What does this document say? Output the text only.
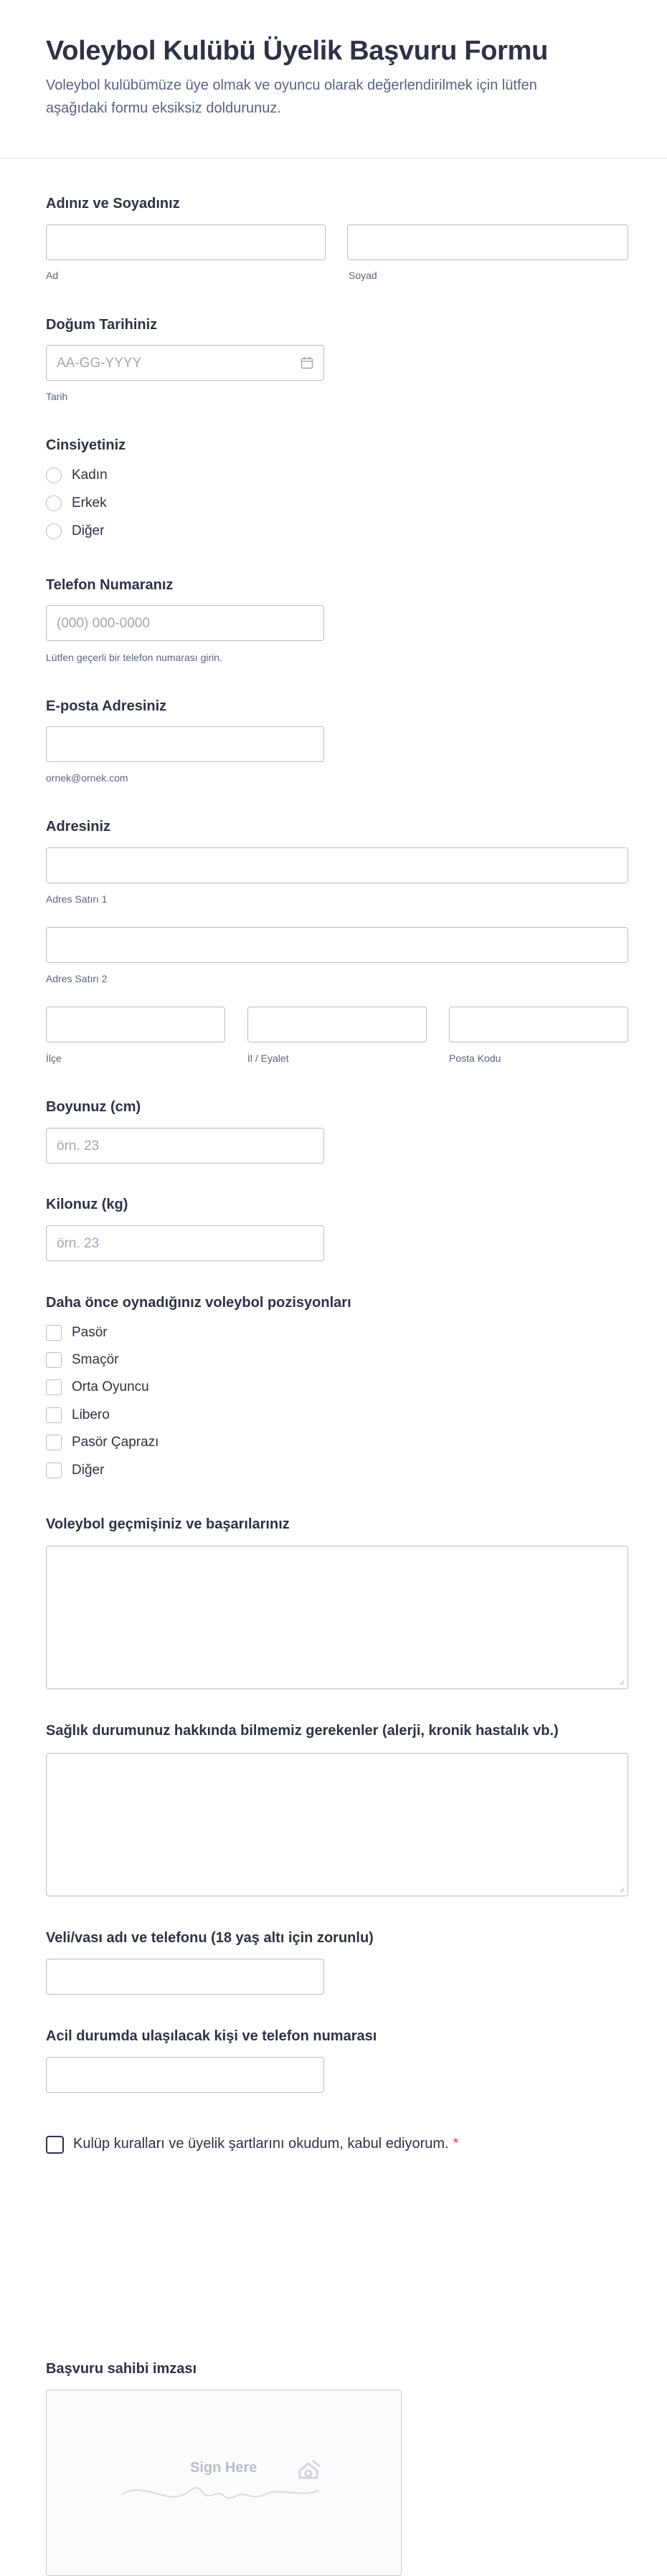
Voleybol Kulübü Üyelik Başvuru Formu

Voleybol kulübümüze üye olmak ve oyuncu olarak değerlendirilmek için lütfen aşağıdaki formu eksiksiz doldurunuz.

Adınız ve Soyadınız
Ad	Soyad
Doğum Tarihiniz
AA-GG-YYYY
Tarih
Cinsiyetiniz
Kadın
Erkek
Diğer
Telefon Numaranız
(000) 000-0000
Lütfen geçerli bir telefon numarası girin.
E-posta Adresiniz
ornek@ornek.com
Adresiniz
Adres Satırı 1
Adres Satırı 2
İlçe	İl / Eyalet	Posta Kodu
Boyunuz (cm)
örn. 23
Kilonuz (kg)
örn. 23
Daha önce oynadığınız voleybol pozisyonları
Pasör
Smaçör
Orta Oyuncu
Libero
Pasör Çaprazı
Diğer
Voleybol geçmişiniz ve başarılarınız
Sağlık durumunuz hakkında bilmemiz gerekenler (alerji, kronik hastalık vb.)
Veli/vası adı ve telefonu (18 yaş altı için zorunlu)
Acil durumda ulaşılacak kişi ve telefon numarası
Kulüp kuralları ve üyelik şartlarını okudum, kabul ediyorum. *
Başvuru sahibi imzası
Sign Here
